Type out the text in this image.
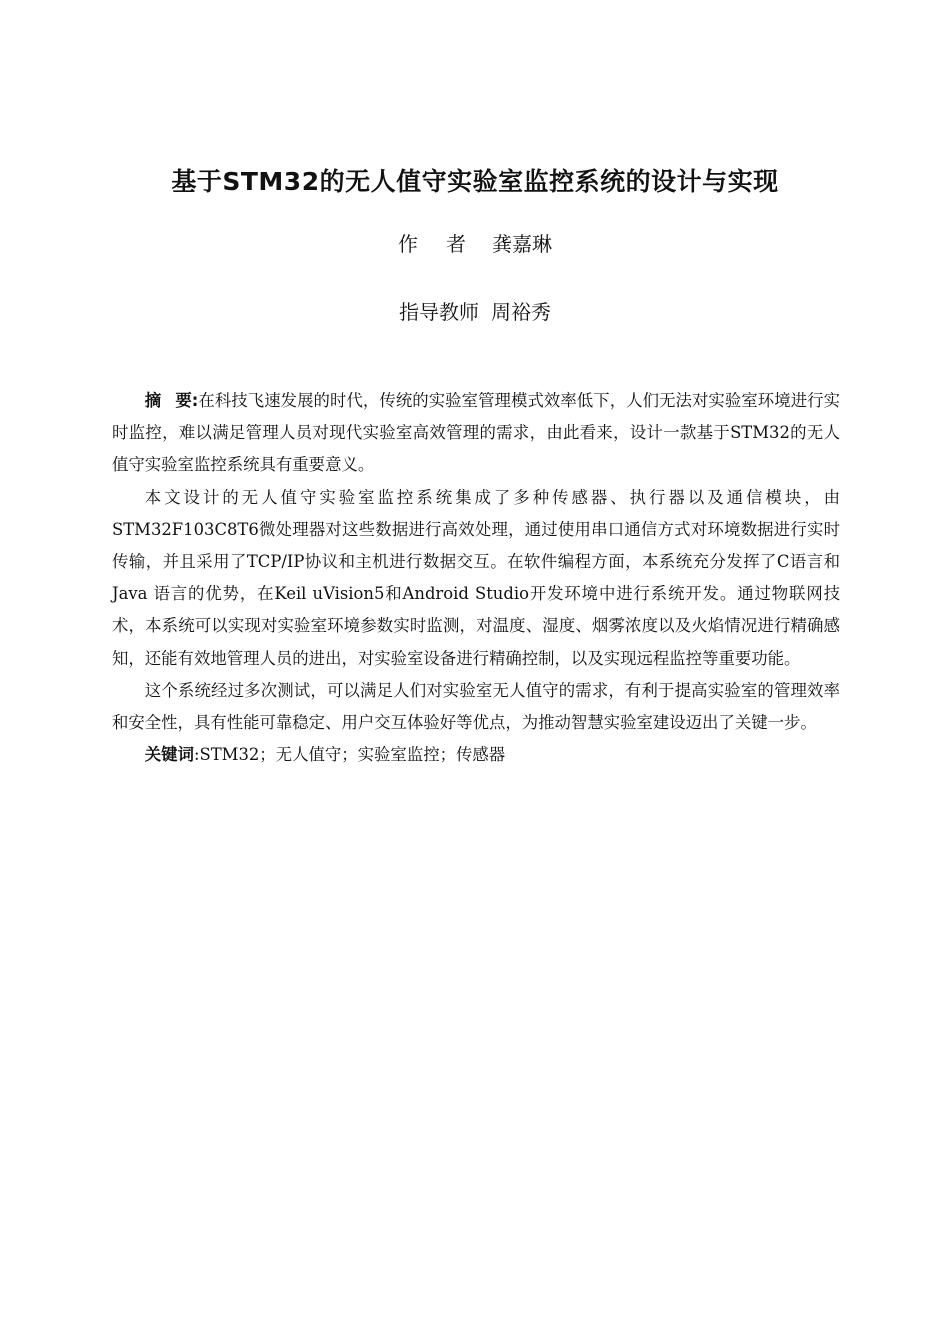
基于STM32的无人值守实验室监控系统的设计与实现
作　者 龚嘉琳
指导教师 周裕秀

摘 要:在科技飞速发展的时代，传统的实验室管理模式效率低下，人们无法对实验室环境进行实时监控，难以满足管理人员对现代实验室高效管理的需求，由此看来，设计一款基于STM32的无人值守实验室监控系统具有重要意义。

本文设计的无人值守实验室监控系统集成了多种传感器、执行器以及通信模块，由STM32F103C8T6微处理器对这些数据进行高效处理，通过使用串口通信方式对环境数据进行实时传输，并且采用了TCP/IP协议和主机进行数据交互。在软件编程方面，本系统充分发挥了C语言和 Java 语言的优势，在Keil uVision5和Android Studio开发环境中进行系统开发。通过物联网技术，本系统可以实现对实验室环境参数实时监测，对温度、湿度、烟雾浓度以及火焰情况进行精确感知，还能有效地管理人员的进出，对实验室设备进行精确控制，以及实现远程监控等重要功能。

这个系统经过多次测试，可以满足人们对实验室无人值守的需求，有利于提高实验室的管理效率和安全性，具有性能可靠稳定、用户交互体验好等优点，为推动智慧实验室建设迈出了关键一步。

关键词:STM32；无人值守；实验室监控；传感器
